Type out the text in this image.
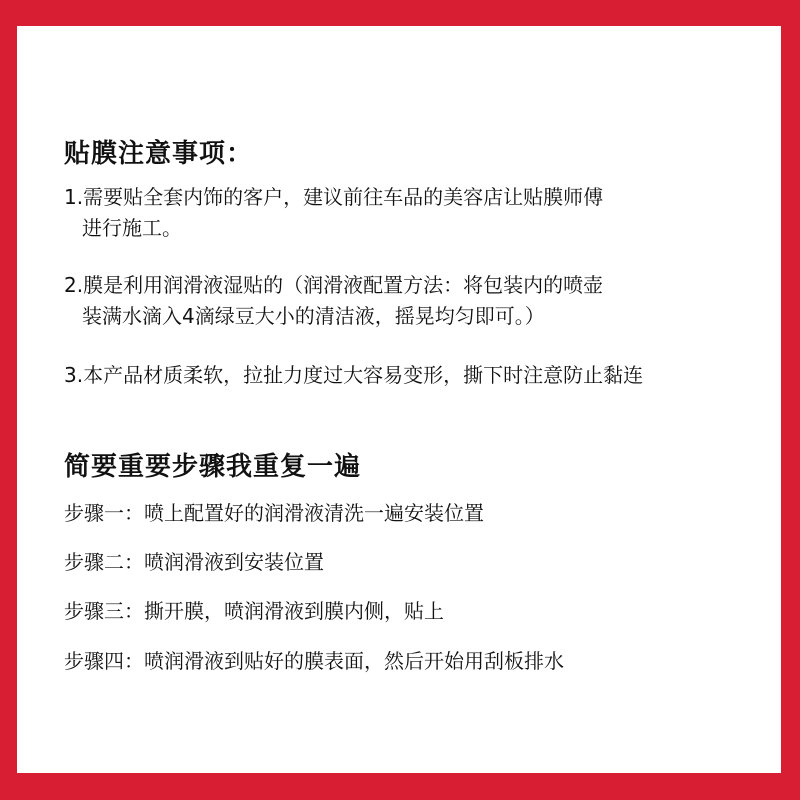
贴膜注意事项：
1.需要贴全套内饰的客户，建议前往车品的美容店让贴膜师傅
进行施工。
2.膜是利用润滑液湿贴的（润滑液配置方法：将包装内的喷壶
装满水滴入4滴绿豆大小的清洁液，摇晃均匀即可。）
3.本产品材质柔软，拉扯力度过大容易变形，撕下时注意防止黏连
简要重要步骤我重复一遍
步骤一：喷上配置好的润滑液清洗一遍安装位置
步骤二：喷润滑液到安装位置
步骤三：撕开膜，喷润滑液到膜内侧，贴上
步骤四：喷润滑液到贴好的膜表面，然后开始用刮板排水
